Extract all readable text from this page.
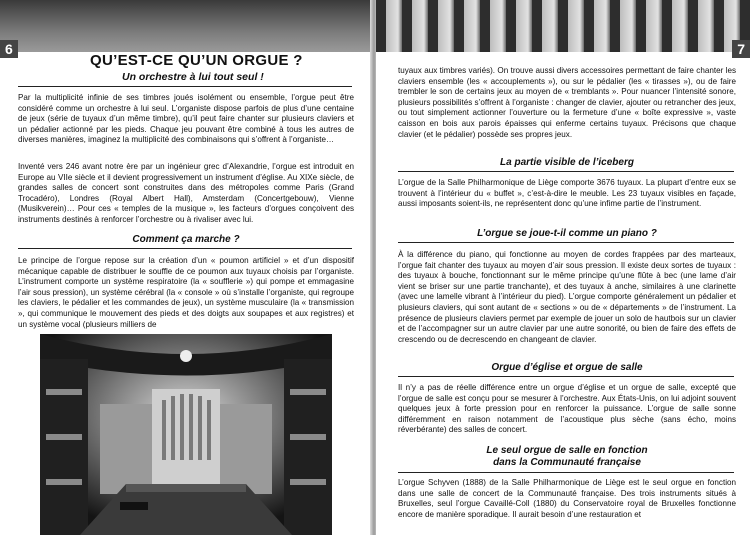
6
QU’EST-CE QU’UN ORGUE ?
Un orchestre à lui tout seul !

Par la multiplicité infinie de ses timbres joués isolément ou ensemble, l’orgue peut être considéré comme un orchestre à lui seul. L’organiste dispose parfois de plus d’une centaine de jeux (série de tuyaux d’un même timbre), qu’il peut faire chanter sur plusieurs claviers et un pédalier actionné par les pieds. Chaque jeu pouvant être combiné à tous les autres de diverses manières, imaginez la multiplicité des combinaisons qui s’offrent à l’organiste…

Inventé vers 246 avant notre ère par un ingénieur grec d’Alexandrie, l’orgue est introduit en Europe au VIIe siècle et il devient progressivement un instrument d’église. Au XIXe siècle, de grandes salles de concert sont construites dans des métropoles comme Paris (Grand Trocadéro), Londres (Royal Albert Hall), Amsterdam (Concertgebouw), Vienne (Musikverein)… Pour ces « temples de la musique », les facteurs d’orgues conçoivent des instruments destinés à renforcer l’orchestre ou à rivaliser avec lui.

Comment ça marche ?

Le principe de l’orgue repose sur la création d’un « poumon artificiel » et d’un dispositif mécanique capable de distribuer le souffle de ce poumon aux tuyaux choisis par l’organiste. L’instrument comporte un système respiratoire (la « soufflerie ») qui pompe et emmagasine l’air sous pression), un système cérébral (la « console » où s’installe l’organiste, qui regroupe les claviers, le pédalier et les commandes de jeux), un système musculaire (la « transmission », qui communique le mouvement des pieds et des doigts aux soupapes et aux registres) et un système vocal (plusieurs milliers de

7

tuyaux aux timbres variés). On trouve aussi divers accessoires permettant de faire chanter les claviers ensemble (les « accouplements »), ou sur le pédalier (les « tirasses »), ou de faire trembler le son de certains jeux au moyen de « tremblants ». Pour nuancer l’intensité sonore, plusieurs possibilités s’offrent à l’organiste : changer de clavier, ajouter ou retrancher des jeux, ou tout simplement actionner l’ouverture ou la fermeture d’une « boîte expressive », vaste caisson en bois aux parois épaisses qui enferme certains tuyaux. Précisons que chaque clavier (et le pédalier) possède ses propres jeux.

La partie visible de l’iceberg

L’orgue de la Salle Philharmonique de Liège comporte 3676 tuyaux. La plupart d’entre eux se trouvent à l’intérieur du « buffet », c’est-à-dire le meuble. Les 23 tuyaux visibles en façade, aussi imposants soient-ils, ne représentent donc qu’une infime partie de l’instrument.

L’orgue se joue-t-il comme un piano ?

À la différence du piano, qui fonctionne au moyen de cordes frappées par des marteaux, l’orgue fait chanter des tuyaux au moyen d’air sous pression. Il existe deux sortes de tuyaux : des tuyaux à bouche, fonctionnant sur le même principe qu’une flûte à bec (une lame d’air vient se briser sur une partie tranchante), et des tuyaux à anche, similaires à une clarinette (avec une lamelle vibrant à l’intérieur du pied). L’orgue comporte généralement un pédalier et plusieurs claviers, qui sont autant de « sections » ou de « départements » de l’instrument. La présence de plusieurs claviers permet par exemple de jouer un solo de hautbois sur un clavier et de l’accompagner sur un autre clavier par une autre sonorité, ou bien de faire des effets de crescendo ou de decrescendo en changeant de clavier.

Orgue d’église et orgue de salle

Il n’y a pas de réelle différence entre un orgue d’église et un orgue de salle, excepté que l’orgue de salle est conçu pour se mesurer à l’orchestre. Aux États-Unis, on lui adjoint souvent quelques jeux à forte pression pour en renforcer la puissance. L’orgue de salle sonne différemment en raison notamment de l’acoustique plus sèche (sans écho, moins réverbérante) des salles de concert.

Le seul orgue de salle en fonction
dans la Communauté française

L’orgue Schyven (1888) de la Salle Philharmonique de Liège est le seul orgue en fonction dans une salle de concert de la Communauté française. Des trois instruments situés à Bruxelles, seul l’orgue Cavaillé-Coll (1880) du Conservatoire royal de Bruxelles fonctionne encore de manière sporadique. Il aurait besoin d’une restauration et
